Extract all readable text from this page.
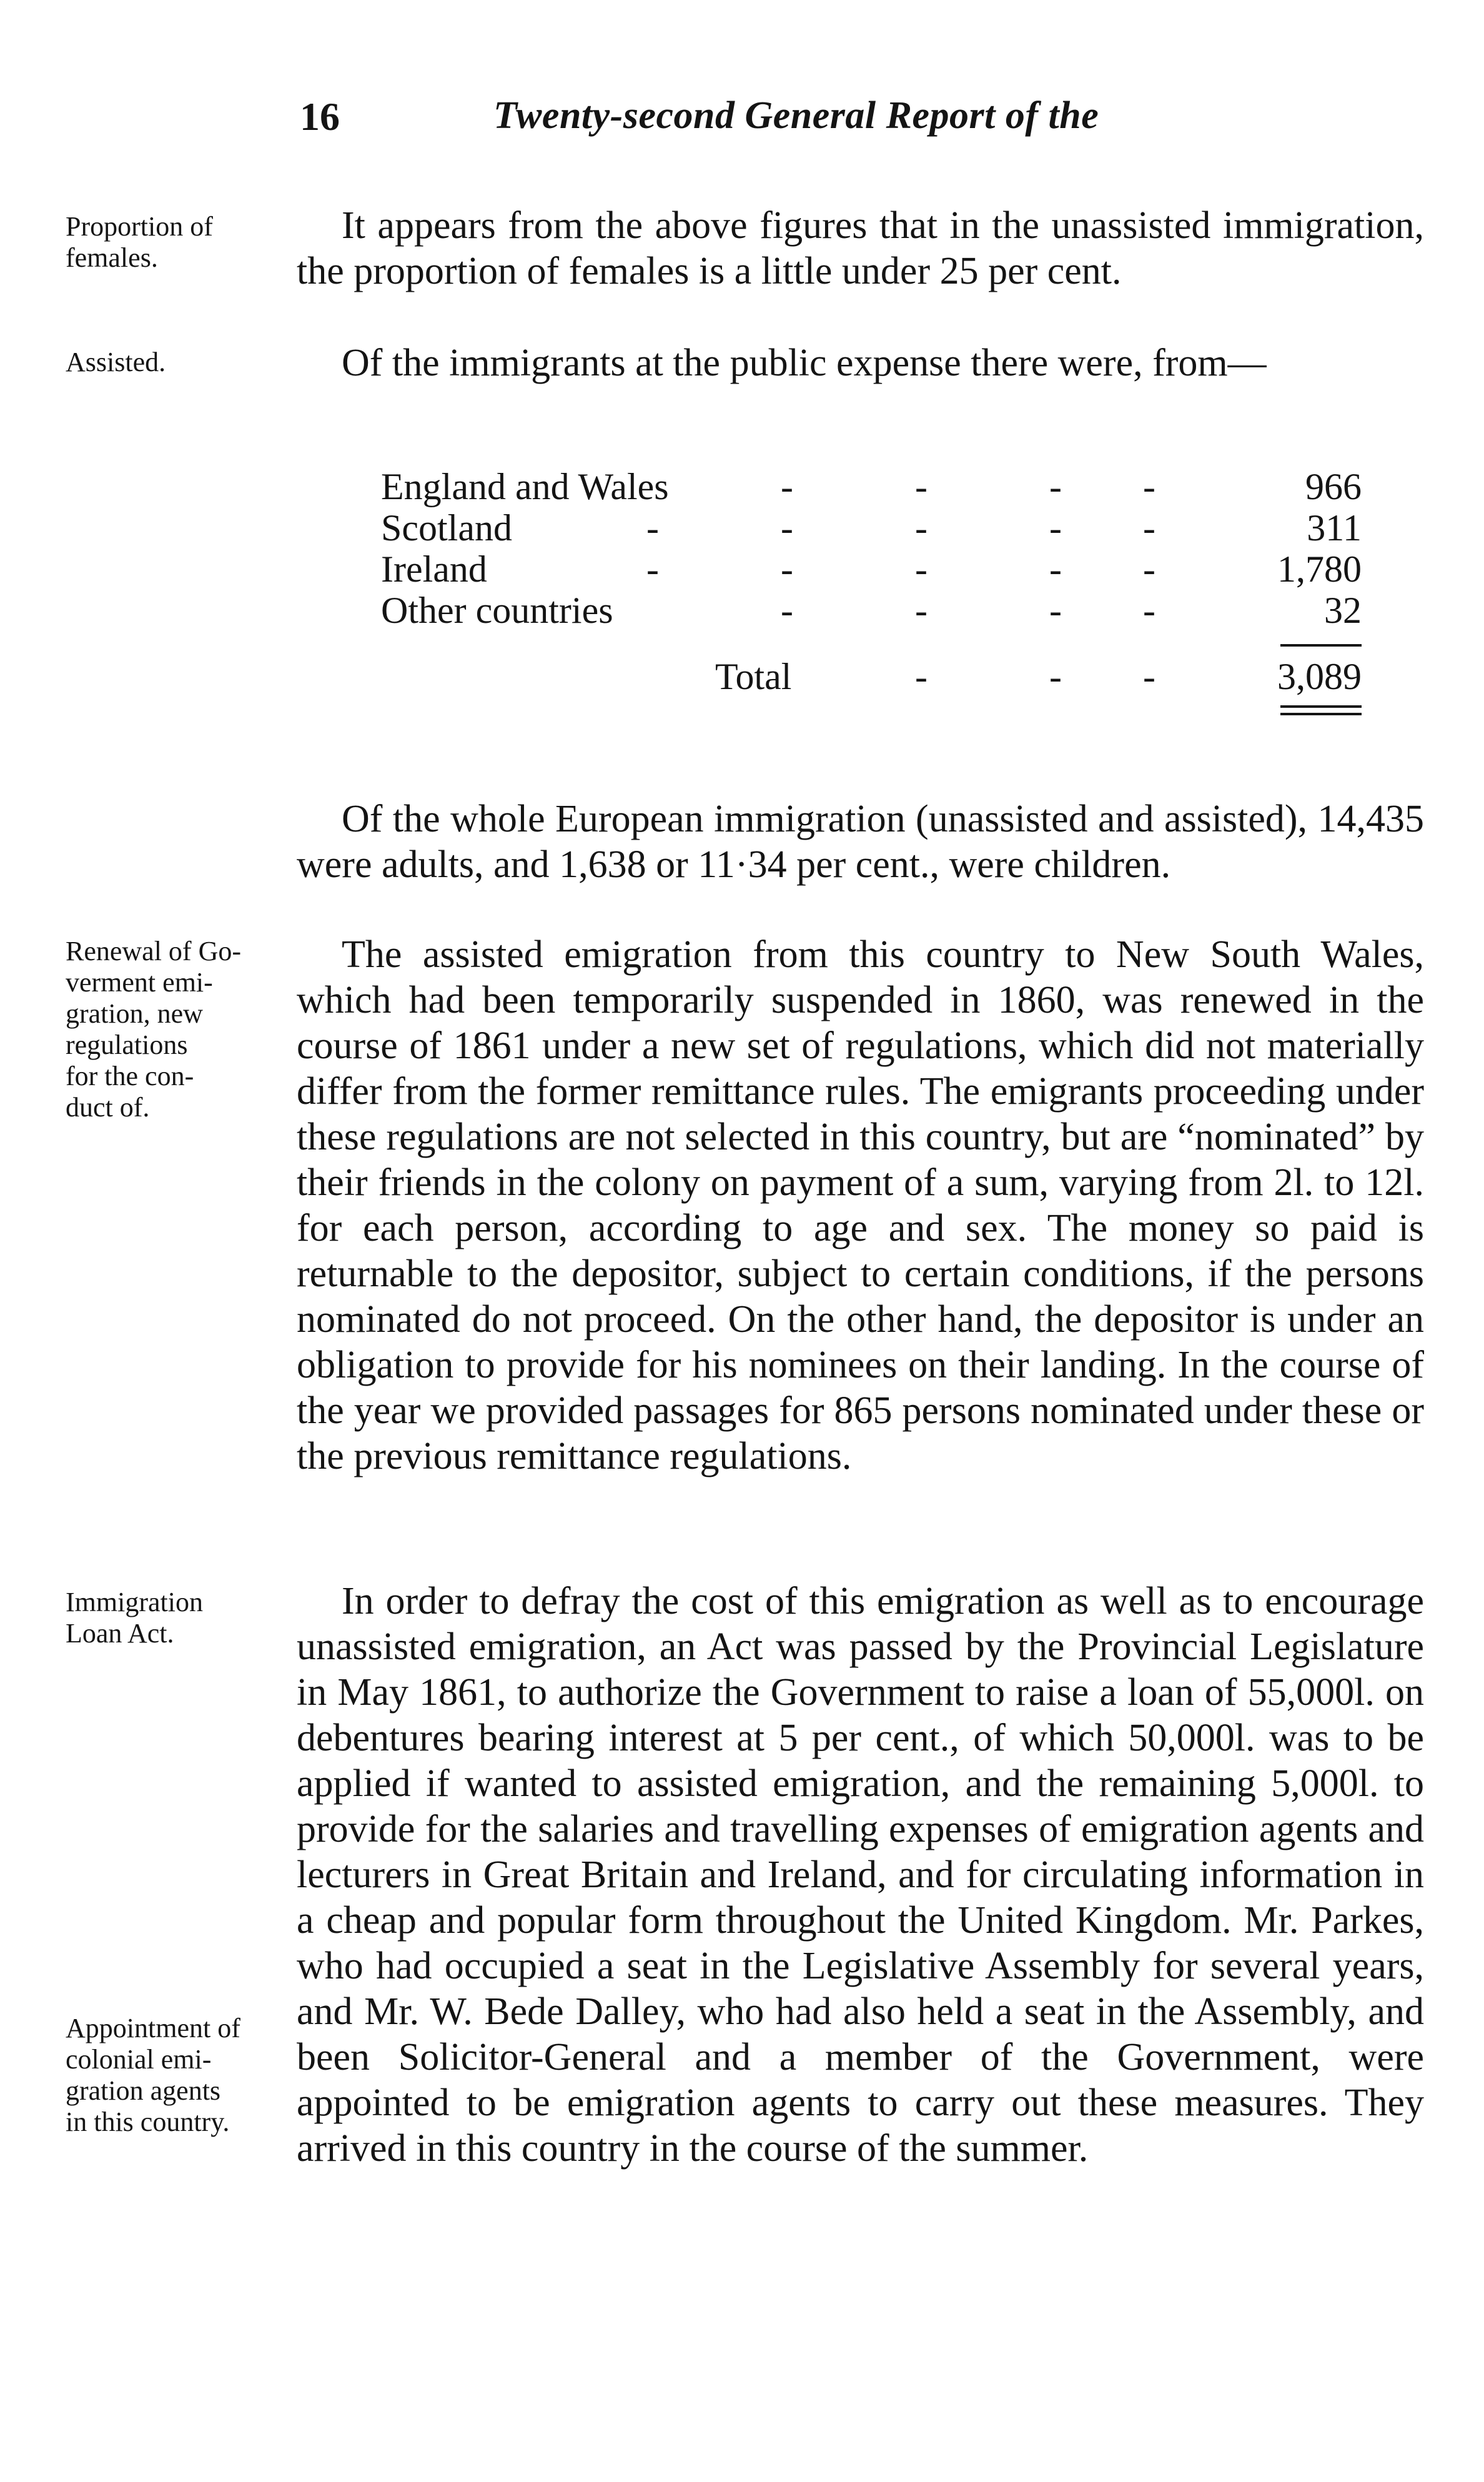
16	Twenty-second General Report of the
Proportion of
females.
Assisted.
Renewal of Go-
verment emi-
gration, new
regulations
for the con-
duct of.
Immigration
Loan Act.
Appointment of
colonial emi-
gration agents
in this country.

It appears from the above figures that in the unassisted immigration, the proportion of females is a little under 25 per cent.

Of the immigrants at the public expense there were, from—

England and Wales	-	-	- -	966
Scotland	-	-	-	- -	311
Ireland	-	-	-	- -	1,780
Other countries	-	-	- -	32
Total	-	- -	3,089

Of the whole European immigration (unassisted and assisted), 14,435 were adults, and 1,638 or 11·34 per cent., were children.

The assisted emigration from this country to New South Wales, which had been temporarily suspended in 1860, was renewed in the course of 1861 under a new set of regulations, which did not materially differ from the former remittance rules. The emigrants proceeding under these regulations are not selected in this country, but are “nominated” by their friends in the colony on payment of a sum, varying from 2l. to 12l. for each person, according to age and sex. The money so paid is returnable to the depositor, subject to certain conditions, if the persons nominated do not proceed. On the other hand, the depositor is under an obligation to provide for his nominees on their landing. In the course of the year we provided passages for 865 persons nominated under these or the previous remittance regulations.

In order to defray the cost of this emigration as well as to encourage unassisted emigration, an Act was passed by the Provincial Legislature in May 1861, to authorize the Government to raise a loan of 55,000l. on debentures bearing interest at 5 per cent., of which 50,000l. was to be applied if wanted to assisted emigration, and the remaining 5,000l. to provide for the salaries and travelling expenses of emigration agents and lecturers in Great Britain and Ireland, and for circulating information in a cheap and popular form throughout the United Kingdom. Mr. Parkes, who had occupied a seat in the Legislative Assembly for several years, and Mr. W. Bede Dalley, who had also held a seat in the Assembly, and been Solicitor-General and a member of the Government, were appointed to be emigration agents to carry out these measures. They arrived in this country in the course of the summer.
